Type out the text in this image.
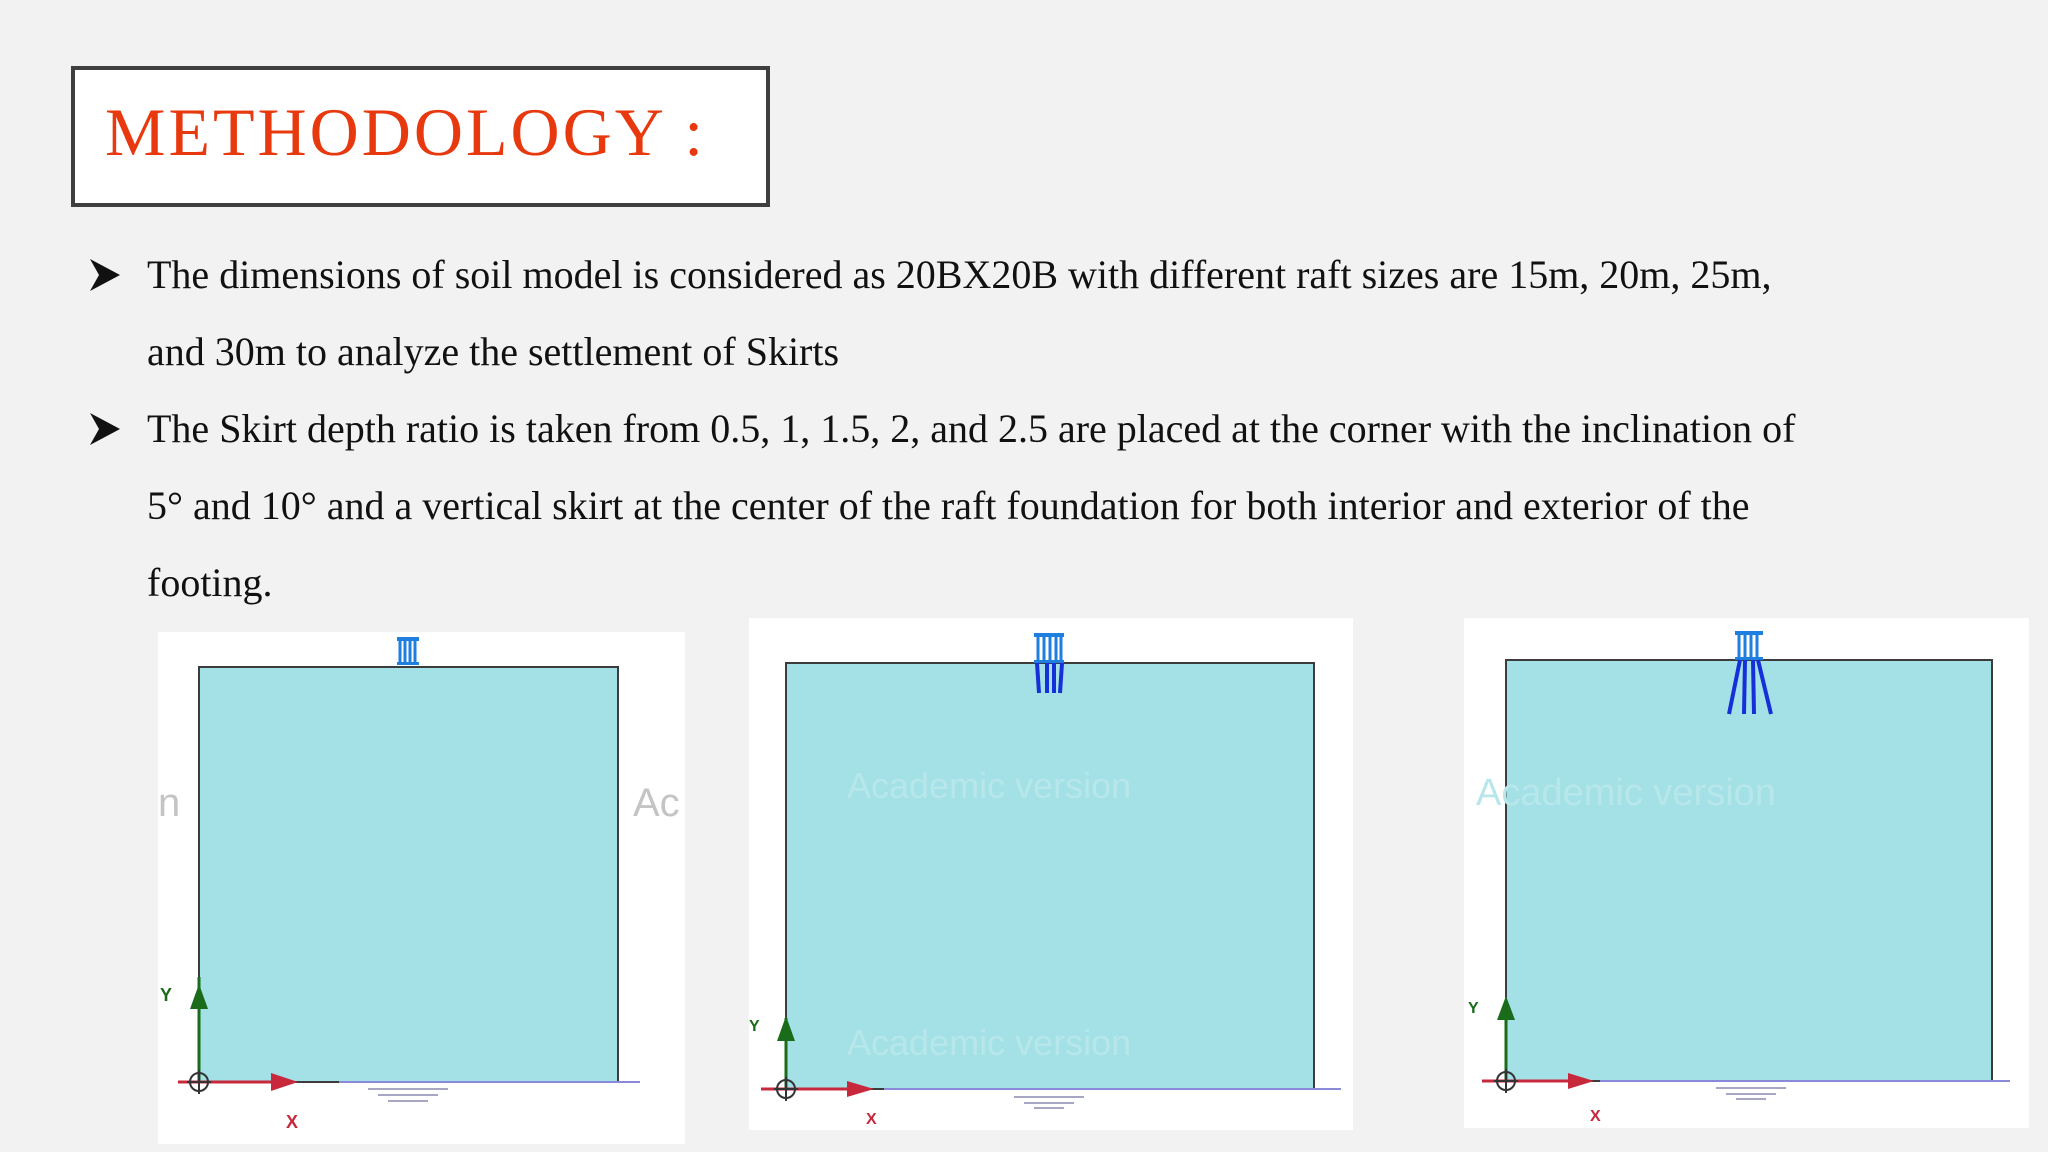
METHODOLOGY :
The dimensions of soil model is considered as 20BX20B with different raft sizes are 15m, 20m, 25m,
and 30m to analyze the settlement of Skirts
The Skirt depth ratio is taken from 0.5, 1, 1.5, 2, and 2.5 are placed at the corner with the inclination of
5° and 10° and a vertical skirt at the center of the raft foundation for both interior and exterior of the
footing.
n	Ac
Y
X
Academic version
Academic version
Y
X
Academic version
Y
X
